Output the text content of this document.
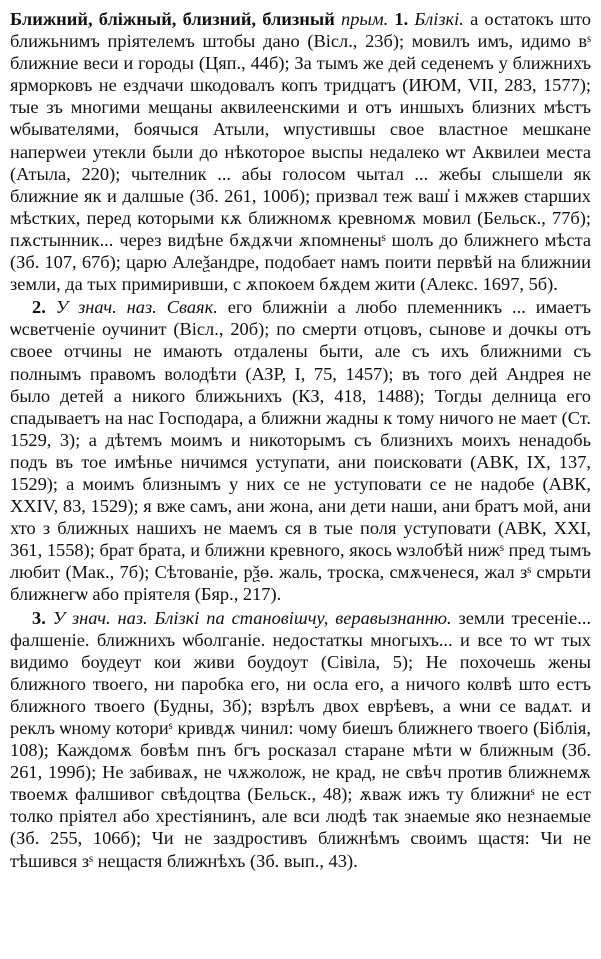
Ближний, бліжный, близний, близный прым. 1. Блізкі. а остатокъ што ближьнимъ пріятелемъ штобы дано (Віcл., 23б); мовилъ имъ, идимо вˢ ближние веси и городы (Цяп., 44б); За тымъ же дей седенемъ у ближнихъ ярморковъ не ездчачи шкодовалъ копъ тридцатъ (ИЮМ, VII, 283, 1577); тые зъ многими мещаны аквилеенскими и отъ иншыхъ близних мѣстъ ѡбывателями, боячыся Атыли, ѡпустившы свое властное мешкане наперwеи утекли были до нѣкоторое выспы недалеко ѡт Аквилеи места (Атыла, 220); чытелник ... абы голосом чытал ... жебы слышели як ближние як и далшые (Зб. 261, 100б); призвал теж ваш̓ і мѫжев старших мѣстких, перед которыми кѫ ближномѫ кревномѫ мовил (Бельск., 77б); пѫстынник... через видѣне бѫдѫчи ѫпомненыˢ шолъ до ближнего мѣста (Зб. 107, 67б); царю Алеѯандре, подобает намъ поити первѣй на ближнии земли, да тых примиривши, с ѫпокоем бѫдем жити (Алекс. 1697, 5б).

2. У знач. наз. Сваяк. его ближніи а любо племенникъ ... имаетъ ѡсветченіе оучинит (Віcл., 20б); по смерти отцовъ, сынове и дочкы отъ своее отчины не имають отдалены быти, але съ ихъ ближними съ полнымъ правомъ володѣти (АЗР, I, 75, 1457); въ того дей Андрея не было детей а никого ближьнихъ (КЗ, 418, 1488); Тогды делница его спадываетъ на нас Господара, а ближни жадны к тому ничого не мает (Ст. 1529, 3); а дѣтемъ моимъ и никоторымъ съ близнихъ моихъ ненадобь подъ въ тое имѣнье ничимся уступати, ани поисковати (АВК, IX, 137, 1529); а моимъ близнымъ у них се не уступовати се не надобе (АВК, XXIV, 83, 1529); я вже самъ, ани жона, ани дети наши, ани братъ мой, ани хто з ближных нашихъ не маемъ ся в тые поля уступовати (АВК, XXI, 361, 1558); брат брата, и ближни кревного, якось ѡзлобѣй нижˢ пред тымъ любит (Мак., 7б); Сѣтованіе, рѯѳ. жаль, троска, смѫченеся, жал зˢ смрьти ближнегѡ або пріятеля (Бяр., 217).

3. У знач. наз. Блізкі па становішчу, веравызнанню. земли тресеніе... фалшеніе. ближнихъ ѡболганіе. недостаткы многыхъ... и все то ѡт тых видимо боудеут кои живи боудоут (Сівіла, 5); Не похочешь жены ближного твоего, ни паробка его, ни осла его, а ничого колвѣ што естъ ближного твоего (Будны, 3б); взрѣлъ двох еврѣевъ, а ѡни се вадѧт. и реклъ ѡному коториˢ кривдѫ чинил: чому биешъ ближнего твоего (Біблія, 108); Каждомѫ бовѣм пнъ бгъ росказал старане мѣти ѡ ближным (Зб. 261, 199б); Не забиваѫ, не чѫжолож, не крад, не свѣч против ближнемѫ твоемѫ фалшивог свѣдоцтва (Бельск., 48); ѫваж ижъ ту ближниˢ не ест толко пріятел або хрестіянинъ, але вси людѣ так знаемые яко незнаемые (Зб. 255, 106б); Чи не заздростивъ ближнѣмъ своимъ щастя: Чи не тѣшився зˢ нещастя ближнѣхъ (Зб. вып., 43).
